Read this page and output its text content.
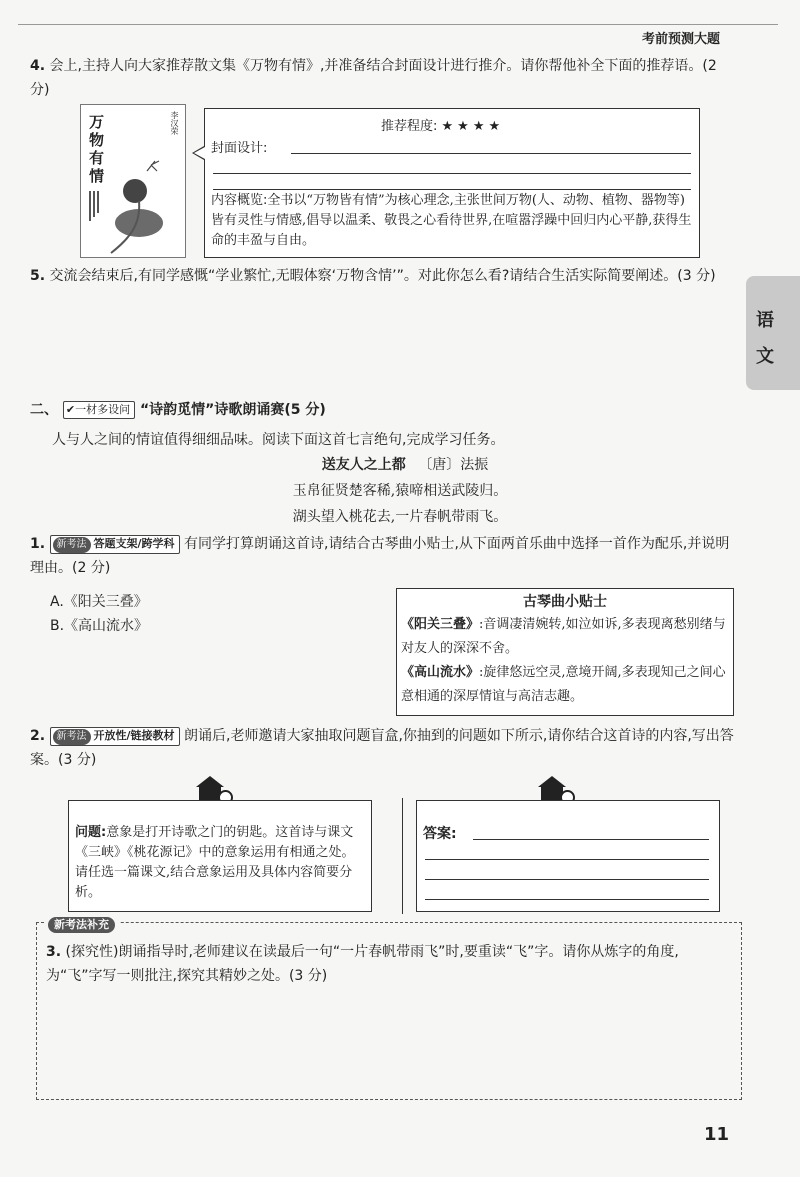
考前预测大题
语
文
4. 会上,主持人向大家推荐散文集《万物有情》,并准备结合封面设计进行推介。请你帮他补全下面的推荐语。(2 分)
万
物
有
情
李汉荣	推荐程度: ★★★★
封面设计:
内容概览:全书以“万物皆有情”为核心理念,主张世间万物(人、动物、植物、器物等)皆有灵性与情感,倡导以温柔、敬畏之心看待世界,在喧嚣浮躁中回归内心平静,获得生命的丰盈与自由。
5. 交流会结束后,有同学感慨“学业繁忙,无暇体察‘万物含情’”。对此你怎么看?请结合生活实际简要阐述。(3 分)
二、 ✔一材多设问 “诗韵觅情”诗歌朗诵赛(5 分)
人与人之间的情谊值得细细品味。阅读下面这首七言绝句,完成学习任务。
送友人之上都 〔唐〕法振
玉帛征贤楚客稀,猿啼相送武陵归。
湖头望入桃花去,一片春帆带雨飞。
1. 新考法 答题支架/跨学科 有同学打算朗诵这首诗,请结合古琴曲小贴士,从下面两首乐曲中选择一首作为配乐,并说明理由。(2 分)
A.《阳关三叠》
B.《高山流水》
古琴曲小贴士
《阳关三叠》:音调凄清婉转,如泣如诉,多表现离愁别绪与对友人的深深不舍。
《高山流水》:旋律悠远空灵,意境开阔,多表现知己之间心意相通的深厚情谊与高洁志趣。
2. 新考法 开放性/链接教材 朗诵后,老师邀请大家抽取问题盲盒,你抽到的问题如下所示,请你结合这首诗的内容,写出答案。(3 分)
问题:意象是打开诗歌之门的钥匙。这首诗与课文《三峡》《桃花源记》中的意象运用有相通之处。请任选一篇课文,结合意象运用及具体内容简要分析。
答案:
新考法补充
3. (探究性)朗诵指导时,老师建议在读最后一句“一片春帆带雨飞”时,要重读“飞”字。请你从炼字的角度,为“飞”字写一则批注,探究其精妙之处。(3 分)
11
